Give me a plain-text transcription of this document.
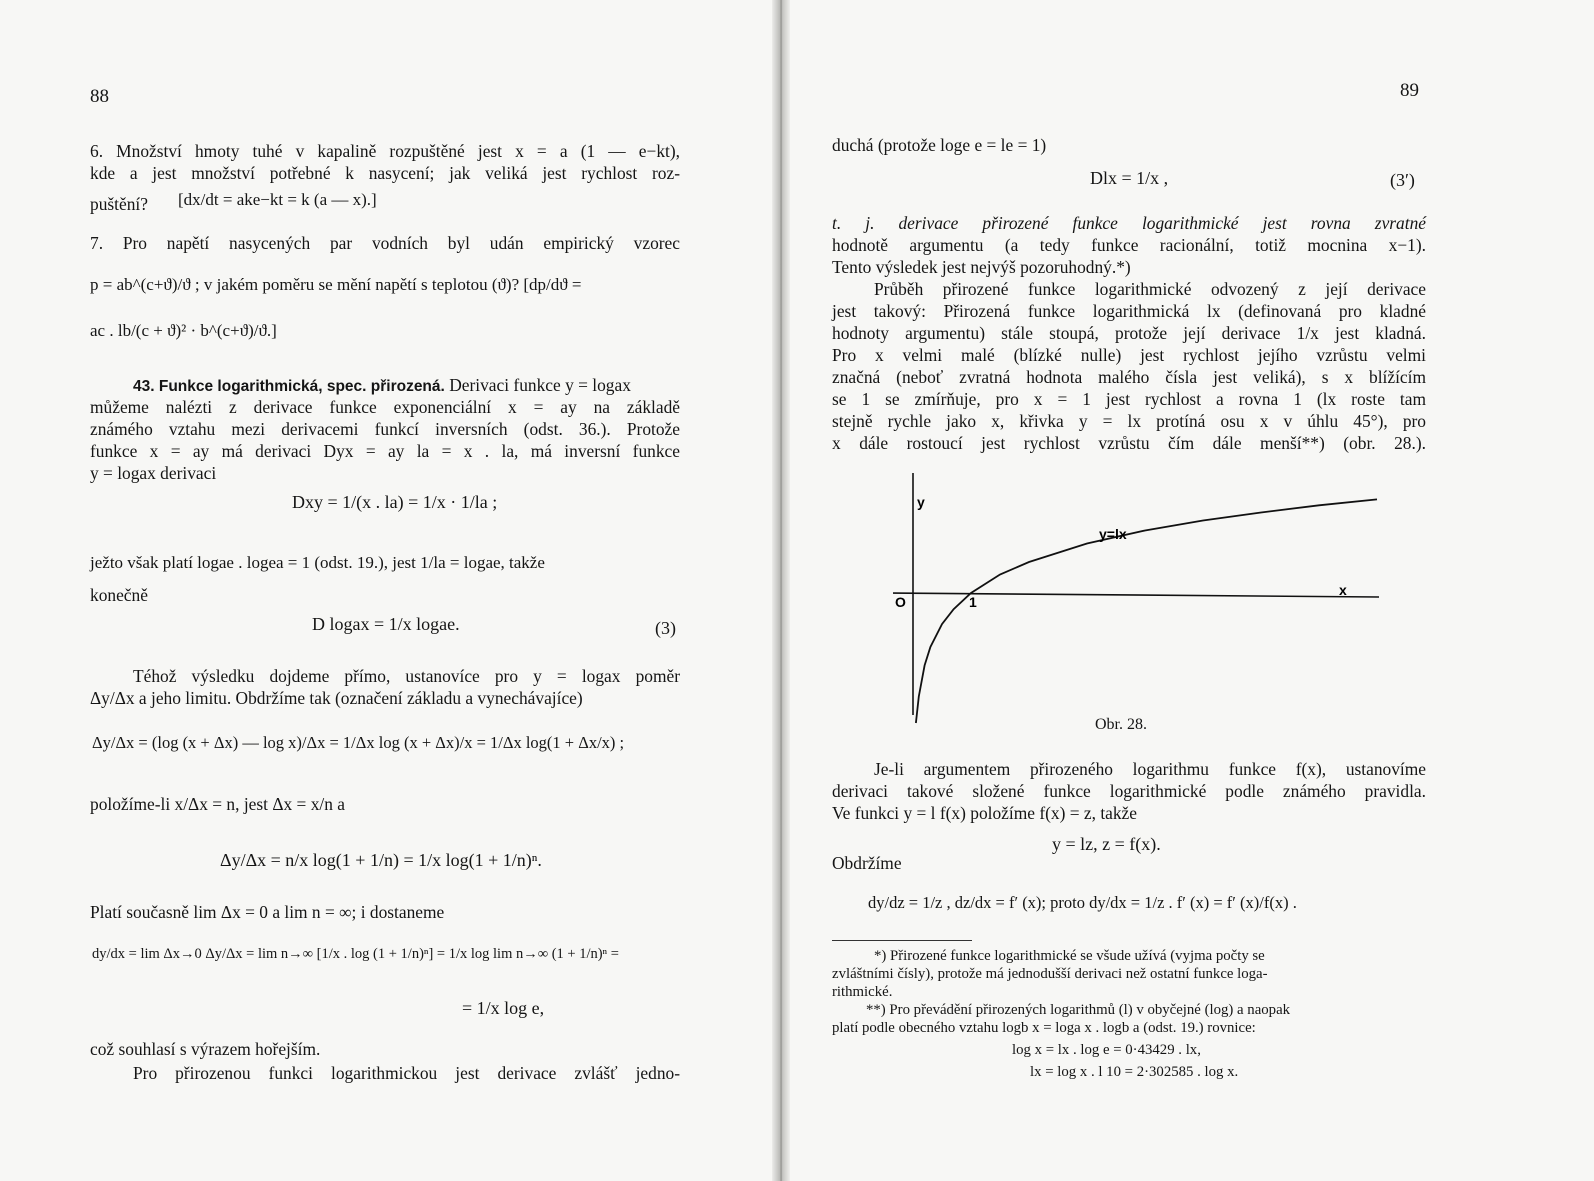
88
6. Množství hmoty tuhé v kapalině rozpuštěné jest x = a (1 — e−kt),
kde a jest množství potřebné k nasycení; jak veliká jest rychlost roz-
puštění? [dx/dt = ake−kt = k (a — x).]
7. Pro napětí nasycených par vodních byl udán empirický vzorec
p = ab^(c+ϑ)/ϑ ; v jakém poměru se mění napětí s teplotou (ϑ)? [dp/dϑ =
ac . lb/(c + ϑ)² · b^(c+ϑ)/ϑ.]
43. Funkce logarithmická, spec. přirozená. Derivaci funkce y = logax
můžeme nalézti z derivace funkce exponenciální x = ay na základě
známého vztahu mezi derivacemi funkcí inversních (odst. 36.). Protože
funkce x = ay má derivaci Dyx = ay la = x . la, má inversní funkce
y = logax derivaci
Dxy = 1/(x . la) = 1/x · 1/la ;
ježto však platí logae . logea = 1 (odst. 19.), jest 1/la = logae, takže
konečně
D logax = 1/x logae.	(3)
Téhož výsledku dojdeme přímo, ustanovíce pro y = logax poměr
Δy/Δx a jeho limitu. Obdržíme tak (označení základu a vynechávajíce)
Δy/Δx = (log (x + Δx) — log x)/Δx = 1/Δx log (x + Δx)/x = 1/Δx log(1 + Δx/x) ;
položíme-li x/Δx = n, jest Δx = x/n a
Δy/Δx = n/x log(1 + 1/n) = 1/x log(1 + 1/n)ⁿ.
Platí současně lim Δx = 0 a lim n = ∞; i dostaneme
dy/dx = lim Δx→0 Δy/Δx = lim n→∞ [1/x . log (1 + 1/n)ⁿ] = 1/x log lim n→∞ (1 + 1/n)ⁿ =
= 1/x log e,
což souhlasí s výrazem hořejším.
Pro přirozenou funkci logarithmickou jest derivace zvlášť jedno-
89
duchá (protože loge e = le = 1)
Dlx = 1/x ,	(3′)
t. j. derivace přirozené funkce logarithmické jest rovna zvratné
hodnotě argumentu (a tedy funkce racionální, totiž mocnina x−1).
Tento výsledek jest nejvýš pozoruhodný.*)
Průběh přirozené funkce logarithmické odvozený z její derivace
jest takový: Přirozená funkce logarithmická lx (definovaná pro kladné
hodnoty argumentu) stále stoupá, protože její derivace 1/x jest kladná.
Pro x velmi malé (blízké nulle) jest rychlost jejího vzrůstu velmi
značná (neboť zvratná hodnota malého čísla jest veliká), s x blížícím
se 1 se zmírňuje, pro x = 1 jest rychlost a rovna 1 (lx roste tam
stejně rychle jako x, křivka y = lx protíná osu x v úhlu 45°), pro
x dále rostoucí jest rychlost vzrůstu čím dále menší**) (obr. 28.).
Obr. 28.
Je-li argumentem přirozeného logarithmu funkce f(x), ustanovíme
derivaci takové složené funkce logarithmické podle známého pravidla.
Ve funkci y = l f(x) položíme f(x) = z, takže
y = lz, z = f(x).
Obdržíme
dy/dz = 1/z , dz/dx = f′ (x); proto dy/dx = 1/z . f′ (x) = f′ (x)/f(x) .
*) Přirozené funkce logarithmické se všude užívá (vyjma počty se
zvláštními čísly), protože má jednodušší derivaci než ostatní funkce loga-
rithmické.
**) Pro převádění přirozených logarithmů (l) v obyčejné (log) a naopak
platí podle obecného vztahu logb x = loga x . logb a (odst. 19.) rovnice:
log x = lx . log e = 0·43429 . lx,
lx = log x . l 10 = 2·302585 . log x.
y
x
y=lx
O	1
